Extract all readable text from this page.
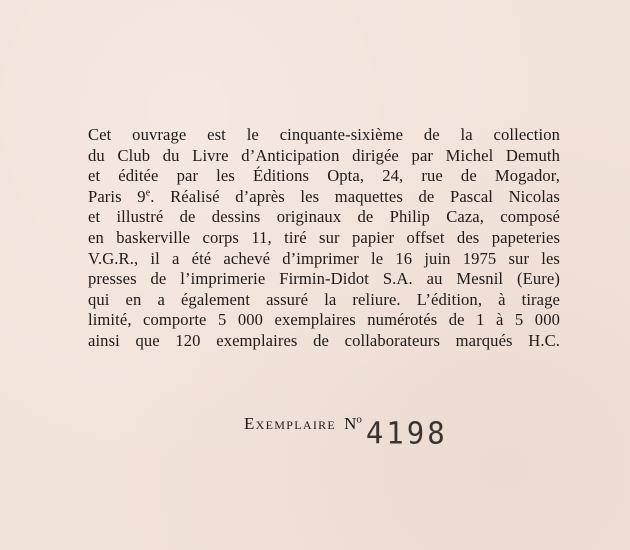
Cet ouvrage est le cinquante-sixième de la collection
du Club du Livre d’Anticipation dirigée par Michel Demuth
et éditée par les Éditions Opta, 24, rue de Mogador,
Paris 9e. Réalisé d’après les maquettes de Pascal Nicolas
et illustré de dessins originaux de Philip Caza, composé
en baskerville corps 11, tiré sur papier offset des papeteries
V.G.R., il a été achevé d’imprimer le 16 juin 1975 sur les
presses de l’imprimerie Firmin-Didot S.A. au Mesnil (Eure)
qui en a également assuré la reliure. L’édition, à tirage
limité, comporte 5 000 exemplaires numérotés de 1 à 5 000
ainsi que 120 exemplaires de collaborateurs marqués H.C.
Exemplaire $N^o$ 4198
